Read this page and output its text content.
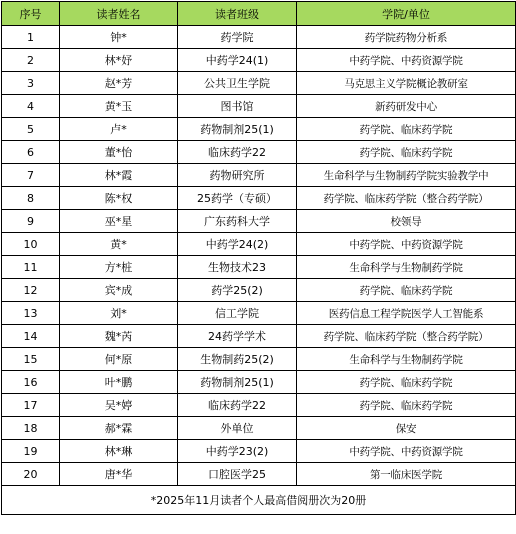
序号	读者姓名	读者班级	学院/单位
1	钟*	药学院	药学院药物分析系
2	林*妤	中药学24(1)	中药学院、中药资源学院
3	赵*芳	公共卫生学院	马克思主义学院概论教研室
4	黄*玉	图书馆	新药研发中心
5	卢*	药物制剂25(1)	药学院、临床药学院
6	董*怡	临床药学22	药学院、临床药学院
7	林*霞	药物研究所	生命科学与生物制药学院实验教学中
8	陈*权	25药学（专硕）	药学院、临床药学院（整合药学院）
9	巫*星	广东药科大学	校领导
10	黄*	中药学24(2)	中药学院、中药资源学院
11	方*桩	生物技术23	生命科学与生物制药学院
12	宾*成	药学25(2)	药学院、临床药学院
13	刘*	信工学院	医药信息工程学院医学人工智能系
14	魏*芮	24药学学术	药学院、临床药学院（整合药学院）
15	何*原	生物制药25(2)	生命科学与生物制药学院
16	叶*鹏	药物制剂25(1)	药学院、临床药学院
17	吴*婷	临床药学22	药学院、临床药学院
18	郝*霖	外单位	保安
19	林*琳	中药学23(2)	中药学院、中药资源学院
20	唐*华	口腔医学25	第一临床医学院
*2025年11月读者个人最高借阅册次为20册			
